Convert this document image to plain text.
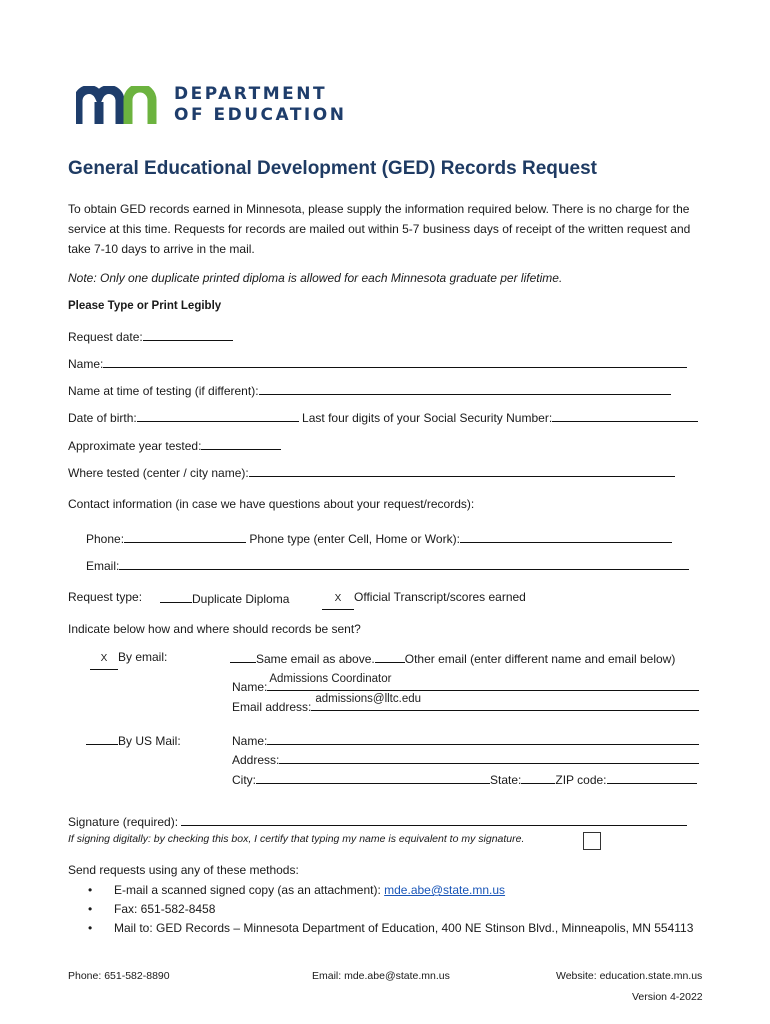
DEPARTMENT
OF EDUCATION
General Educational Development (GED) Records Request
To obtain GED records earned in Minnesota, please supply the information required below. There is no charge for the service at this time. Requests for records are mailed out within 5-7 business days of receipt of the written request and take 7-10 days to arrive in the mail.
Note: Only one duplicate printed diploma is allowed for each Minnesota graduate per lifetime.
Please Type or Print Legibly
Request date:
Name:
Name at time of testing (if different):
Date of birth:	Last four digits of your Social Security Number:
Approximate year tested:
Where tested (center / city name):
Contact information (in case we have questions about your request/records):
Phone:	Phone type (enter Cell, Home or Work):
Email:
Request type:	Duplicate Diploma	X Official Transcript/scores earned
Indicate below how and where should records be sent?
X By email:	Same email as above.	Other email (enter different name and email below)
Name:
Admissions Coordinator
Email address:
admissions@lltc.edu
By US Mail:	Name:
Address:
City:	State:	ZIP code:
Signature (required):
If signing digitally: by checking this box, I certify that typing my name is equivalent to my signature.
Send requests using any of these methods:
• E-mail a scanned signed copy (as an attachment): mde.abe@state.mn.us
• Fax: 651-582-8458
• Mail to: GED Records – Minnesota Department of Education, 400 NE Stinson Blvd., Minneapolis, MN 554113
Phone: 651-582-8890	Email: mde.abe@state.mn.us	Website: education.state.mn.us
Version 4-2022
